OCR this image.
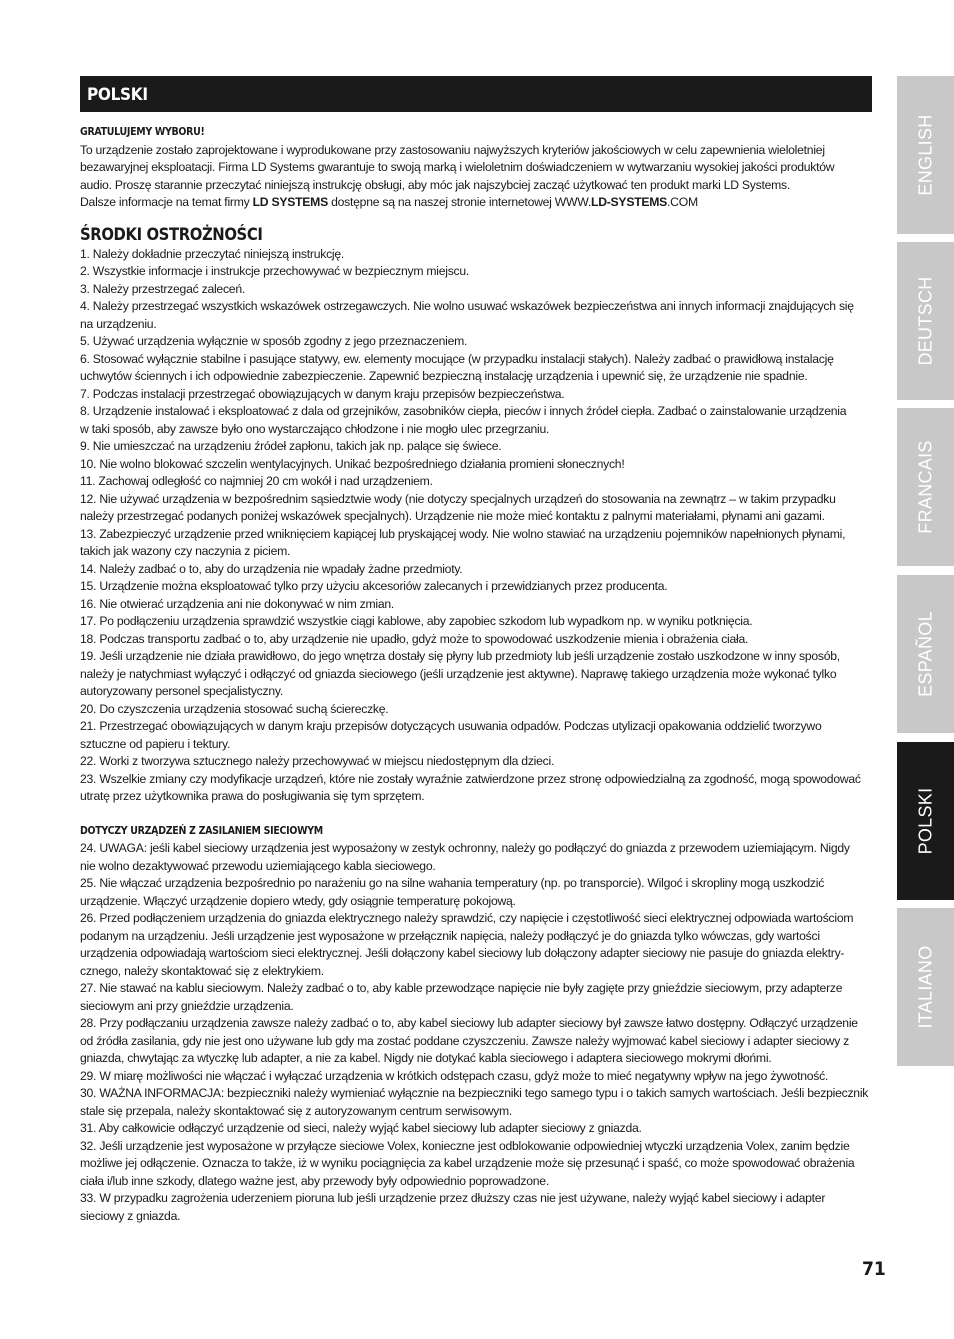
POLSKI

GRATULUJEMY WYBORU!

To urządzenie zostało zaprojektowane i wyprodukowane przy zastosowaniu najwyższych kryteriów jakościowych w celu zapewnienia wieloletniej

bezawaryjnej eksploatacji. Firma LD Systems gwarantuje to swoją marką i wieloletnim doświadczeniem w wytwarzaniu wysokiej jakości produktów

audio. Proszę starannie przeczytać niniejszą instrukcję obsługi, aby móc jak najszybciej zacząć użytkować ten produkt marki LD Systems.

Dalsze informacje na temat firmy LD SYSTEMS dostępne są na naszej stronie internetowej WWW.LD-SYSTEMS.COM

ŚRODKI OSTROŻNOŚCI

1. Należy dokładnie przeczytać niniejszą instrukcję.

2. Wszystkie informacje i instrukcje przechowywać w bezpiecznym miejscu.

3. Należy przestrzegać zaleceń.

4. Należy przestrzegać wszystkich wskazówek ostrzegawczych. Nie wolno usuwać wskazówek bezpieczeństwa ani innych informacji znajdujących się

na urządzeniu.

5. Używać urządzenia wyłącznie w sposób zgodny z jego przeznaczeniem.

6. Stosować wyłącznie stabilne i pasujące statywy, ew. elementy mocujące (w przypadku instalacji stałych). Należy zadbać o prawidłową instalację

uchwytów ściennych i ich odpowiednie zabezpieczenie. Zapewnić bezpieczną instalację urządzenia i upewnić się, że urządzenie nie spadnie.

7. Podczas instalacji przestrzegać obowiązujących w danym kraju przepisów bezpieczeństwa.

8. Urządzenie instalować i eksploatować z dala od grzejników, zasobników ciepła, pieców i innych źródeł ciepła. Zadbać o zainstalowanie urządzenia

w taki sposób, aby zawsze było ono wystarczająco chłodzone i nie mogło ulec przegrzaniu.

9. Nie umieszczać na urządzeniu źródeł zapłonu, takich jak np. palące się świece.

10. Nie wolno blokować szczelin wentylacyjnych. Unikać bezpośredniego działania promieni słonecznych!

11. Zachowaj odległość co najmniej 20 cm wokół i nad urządzeniem.

12. Nie używać urządzenia w bezpośrednim sąsiedztwie wody (nie dotyczy specjalnych urządzeń do stosowania na zewnątrz – w takim przypadku

należy przestrzegać podanych poniżej wskazówek specjalnych). Urządzenie nie może mieć kontaktu z palnymi materiałami, płynami ani gazami.

13. Zabezpieczyć urządzenie przed wniknięciem kapiącej lub pryskającej wody. Nie wolno stawiać na urządzeniu pojemników napełnionych płynami,

takich jak wazony czy naczynia z piciem.

14. Należy zadbać o to, aby do urządzenia nie wpadały żadne przedmioty.

15. Urządzenie można eksploatować tylko przy użyciu akcesoriów zalecanych i przewidzianych przez producenta.

16. Nie otwierać urządzenia ani nie dokonywać w nim zmian.

17. Po podłączeniu urządzenia sprawdzić wszystkie ciągi kablowe, aby zapobiec szkodom lub wypadkom np. w wyniku potknięcia.

18. Podczas transportu zadbać o to, aby urządzenie nie upadło, gdyż może to spowodować uszkodzenie mienia i obrażenia ciała.

19. Jeśli urządzenie nie działa prawidłowo, do jego wnętrza dostały się płyny lub przedmioty lub jeśli urządzenie zostało uszkodzone w inny sposób,

należy je natychmiast wyłączyć i odłączyć od gniazda sieciowego (jeśli urządzenie jest aktywne). Naprawę takiego urządzenia może wykonać tylko

autoryzowany personel specjalistyczny.

20. Do czyszczenia urządzenia stosować suchą ściereczkę.

21. Przestrzegać obowiązujących w danym kraju przepisów dotyczących usuwania odpadów. Podczas utylizacji opakowania oddzielić tworzywo

sztuczne od papieru i tektury.

22. Worki z tworzywa sztucznego należy przechowywać w miejscu niedostępnym dla dzieci.

23. Wszelkie zmiany czy modyfikacje urządzeń, które nie zostały wyraźnie zatwierdzone przez stronę odpowiedzialną za zgodność, mogą spowodować

utratę przez użytkownika prawa do posługiwania się tym sprzętem.

DOTYCZY URZĄDZEŃ Z ZASILANIEM SIECIOWYM

24. UWAGA: jeśli kabel sieciowy urządzenia jest wyposażony w zestyk ochronny, należy go podłączyć do gniazda z przewodem uziemiającym. Nigdy

nie wolno dezaktywować przewodu uziemiającego kabla sieciowego.

25. Nie włączać urządzenia bezpośrednio po narażeniu go na silne wahania temperatury (np. po transporcie). Wilgoć i skropliny mogą uszkodzić

urządzenie. Włączyć urządzenie dopiero wtedy, gdy osiągnie temperaturę pokojową.

26. Przed podłączeniem urządzenia do gniazda elektrycznego należy sprawdzić, czy napięcie i częstotliwość sieci elektrycznej odpowiada wartościom

podanym na urządzeniu. Jeśli urządzenie jest wyposażone w przełącznik napięcia, należy podłączyć je do gniazda tylko wówczas, gdy wartości

urządzenia odpowiadają wartościom sieci elektrycznej. Jeśli dołączony kabel sieciowy lub dołączony adapter sieciowy nie pasuje do gniazda elektry-

cznego, należy skontaktować się z elektrykiem.

27. Nie stawać na kablu sieciowym. Należy zadbać o to, aby kable przewodzące napięcie nie były zagięte przy gnieździe sieciowym, przy adapterze

sieciowym ani przy gnieździe urządzenia.

28. Przy podłączaniu urządzenia zawsze należy zadbać o to, aby kabel sieciowy lub adapter sieciowy był zawsze łatwo dostępny. Odłączyć urządzenie

od źródła zasilania, gdy nie jest ono używane lub gdy ma zostać poddane czyszczeniu. Zawsze należy wyjmować kabel sieciowy i adapter sieciowy z

gniazda, chwytając za wtyczkę lub adapter, a nie za kabel. Nigdy nie dotykać kabla sieciowego i adaptera sieciowego mokrymi dłońmi.

29. W miarę możliwości nie włączać i wyłączać urządzenia w krótkich odstępach czasu, gdyż może to mieć negatywny wpływ na jego żywotność.

30. WAŻNA INFORMACJA: bezpieczniki należy wymieniać wyłącznie na bezpieczniki tego samego typu i o takich samych wartościach. Jeśli bezpiecznik

stale się przepala, należy skontaktować się z autoryzowanym centrum serwisowym.

31. Aby całkowicie odłączyć urządzenie od sieci, należy wyjąć kabel sieciowy lub adapter sieciowy z gniazda.

32. Jeśli urządzenie jest wyposażone w przyłącze sieciowe Volex, konieczne jest odblokowanie odpowiedniej wtyczki urządzenia Volex, zanim będzie

możliwe jej odłączenie. Oznacza to także, iż w wyniku pociągnięcia za kabel urządzenie może się przesunąć i spaść, co może spowodować obrażenia

ciała i/lub inne szkody, dlatego ważne jest, aby przewody były odpowiednio poprowadzone.

33. W przypadku zagrożenia uderzeniem pioruna lub jeśli urządzenie przez dłuższy czas nie jest używane, należy wyjąć kabel sieciowy i adapter

sieciowy z gniazda.

ENGLISH
DEUTSCH
FRANCAIS
ESPAÑOL
POLSKI
ITALIANO
71
